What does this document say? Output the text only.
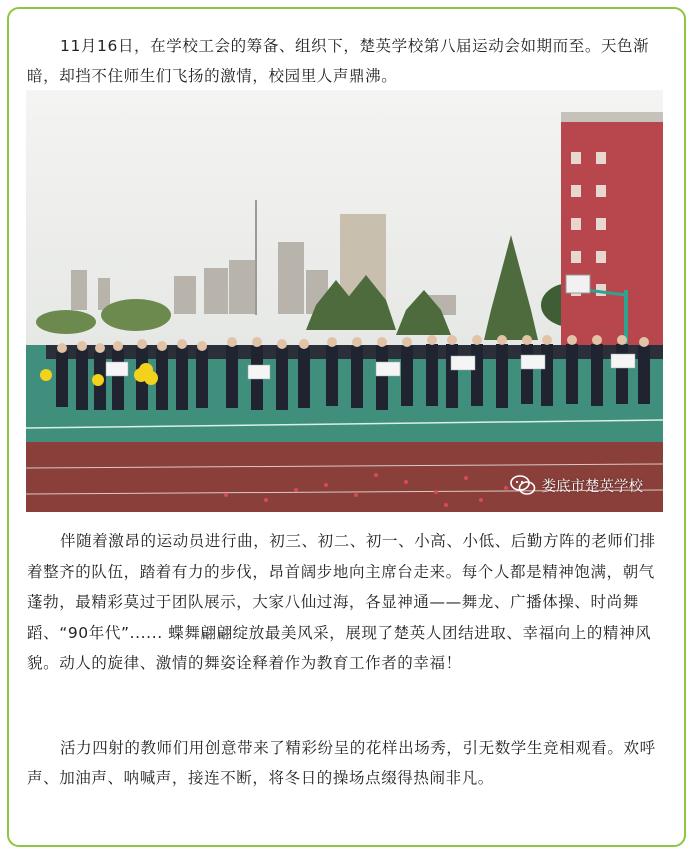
11月16日，在学校工会的筹备、组织下，楚英学校第八届运动会如期而至。天色渐暗，却挡不住师生们飞扬的激情，校园里人声鼎沸。

娄底市楚英学校

伴随着激昂的运动员进行曲，初三、初二、初一、小高、小低、后勤方阵的老师们排着整齐的队伍，踏着有力的步伐，昂首阔步地向主席台走来。每个人都是精神饱满，朝气蓬勃，最精彩莫过于团队展示，大家八仙过海，各显神通——舞龙、广播体操、时尚舞蹈、“90年代”...... 蝶舞翩翩绽放最美风采，展现了楚英人团结进取、幸福向上的精神风貌。动人的旋律、激情的舞姿诠释着作为教育工作者的幸福！

活力四射的教师们用创意带来了精彩纷呈的花样出场秀，引无数学生竞相观看。欢呼声、加油声、呐喊声，接连不断，将冬日的操场点缀得热闹非凡。
